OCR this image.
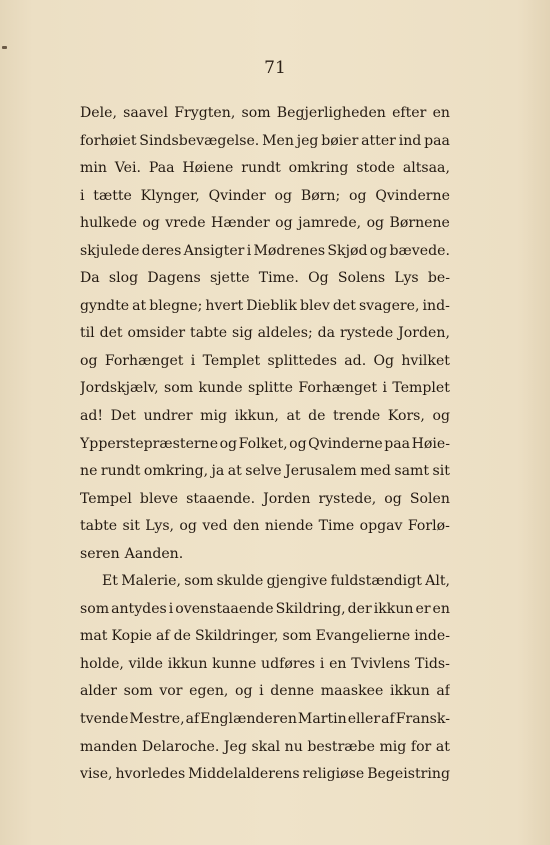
71
Dele, saavel Frygten, som Begjerligheden efter en
forhøiet Sindsbevægelse. Men jeg bøier atter ind paa
min Vei. Paa Høiene rundt omkring stode altsaa,
i tætte Klynger, Qvinder og Børn; og Qvinderne
hulkede og vrede Hænder og jamrede, og Børnene
skjulede deres Ansigter i Mødrenes Skjød og bævede.
Da slog Dagens sjette Time. Og Solens Lys be-
gyndte at blegne; hvert Dieblik blev det svagere, ind-
til det omsider tabte sig aldeles; da rystede Jorden,
og Forhænget i Templet splittedes ad. Og hvilket
Jordskjælv, som kunde splitte Forhænget i Templet
ad! Det undrer mig ikkun, at de trende Kors, og
Ypperstepræsterne og Folket, og Qvinderne paa Høie-
ne rundt omkring, ja at selve Jerusalem med samt sit
Tempel bleve staaende. Jorden rystede, og Solen
tabte sit Lys, og ved den niende Time opgav Forlø-
seren Aanden.
Et Malerie, som skulde gjengive fuldstændigt Alt,
som antydes i ovenstaaende Skildring, der ikkun er en
mat Kopie af de Skildringer, som Evangelierne inde-
holde, vilde ikkun kunne udføres i en Tvivlens Tids-
alder som vor egen, og i denne maaskee ikkun af
tvende Mestre, af Englænderen Martin eller af Fransk-
manden Delaroche. Jeg skal nu bestræbe mig for at
vise, hvorledes Middelalderens religiøse Begeistring
